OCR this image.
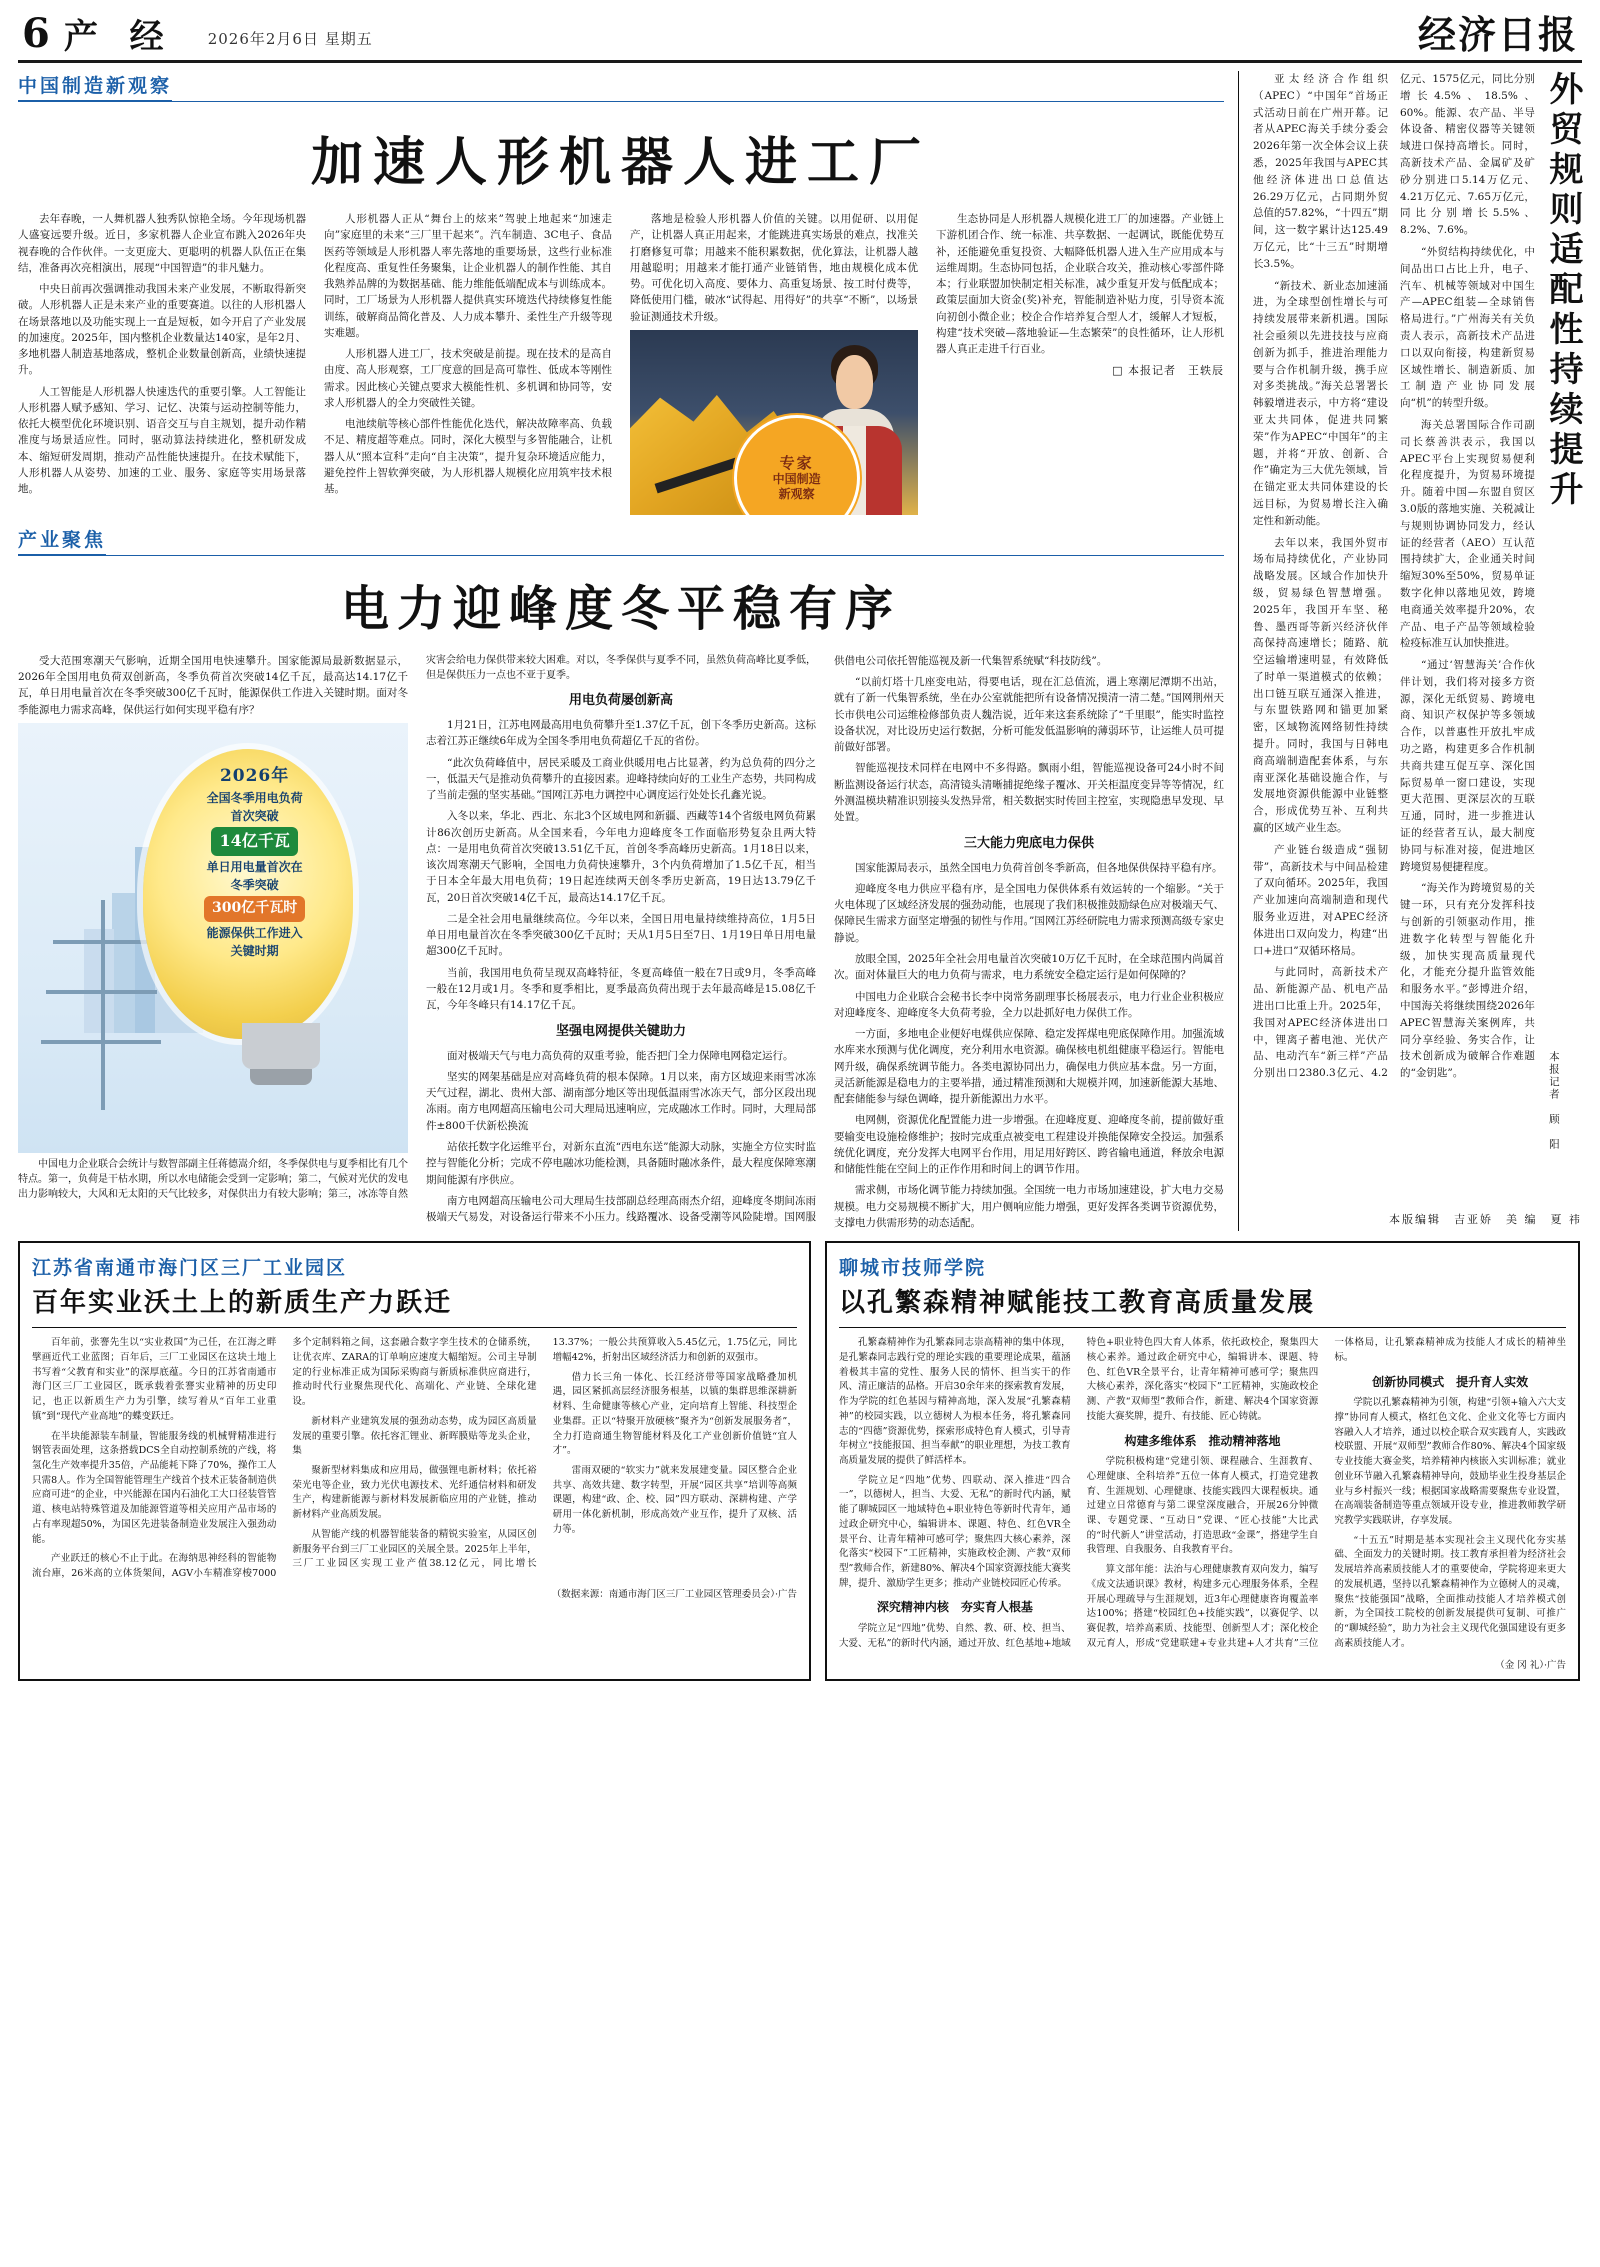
6 产 经 2026年2月6日 星期五	经济日报
中国制造新观察
加速人形机器人进工厂

去年春晚，一人舞机器人独秀队惊艳全场。今年现场机器人盛宴远要升级。近日，多家机器人企业宣布跳入2026年央视春晚的合作伙伴。一支更庞大、更聪明的机器人队伍正在集结，准备再次亮相演出，展现“中国智造”的非凡魅力。

中央日前再次强调推动我国未来产业发展，不断取得新突破。人形机器人正是未来产业的重要赛道。以往的人形机器人在场景落地以及功能实现上一直是短板，如今开启了产业发展的加速度。2025年，国内整机企业数量达140家，是年2月、多地机器人制造基地落成，整机企业数量创新高，业绩快速提升。

人工智能是人形机器人快速迭代的重要引擎。人工智能让人形机器人赋予感知、学习、记忆、决策与运动控制等能力，依托大模型优化环境识别、语音交互与自主规划，提升动作精准度与场景适应性。同时，驱动算法持续进化，整机研发成本、缩短研发周期，推动产品性能快速提升。在技术赋能下，人形机器人从姿势、加速的工业、服务、家庭等实用场景落地。

人形机器人正从“舞台上的炫来”驾驶上地起来“加速走向”家庭里的未来“三厂里干起来”。汽车制造、3C电子、食品医药等领域是人形机器人率先落地的重要场景，这些行业标准化程度高、重复性任务聚集，让企业机器人的制作性能、其自我熟养品牌的为数据基础、能力维能低端配成本与训练成本。同时，工厂场景为人形机器人提供真实环境迭代持续修复性能训练，破解商品简化普及、人力成本攀升、柔性生产升级等现实难题。

人形机器人进工厂，技术突破是前提。现在技术的是高自由度、高人形观察，工厂度意的回是高可靠性、低成本等刚性需求。因此核心关键点要求大模能性机、多机调和协同等，安求人形机器人的全力突破性关键。

电池续航等核心部件性能优化迭代，解决故障率高、负载不足、精度超等难点。同时，深化大模型与多智能融合，让机器人从“照本宣科”走向“自主决策”，提升复杂环境适应能力，避免控件上智软弹突破，为人形机器人规模化应用筑牢技术根基。

落地是检验人形机器人价值的关键。以用促研、以用促产，让机器人真正用起来，才能跳进真实场景的难点，找准关打磨修复可靠；用越来不能积累数据，优化算法，让机器人越用越聪明；用越来才能打通产业链销售，地由规模化成本优势。可优化切入高度、要体力、高重复场景、按工时付费等，降低使用门槛，破冰“试得起、用得好”的共享“不断”，以场景验证测通技术升级。

专家
中国制造
新观察

生态协同是人形机器人规模化进工厂的加速器。产业链上下游机团合作、统一标准、共享数据、一起调试，既能优势互补，还能避免重复投资、大幅降低机器人进入生产应用成本与运维周期。生态协同包括，企业联合攻关，推动核心零部件降本；行业联盟加快制定相关标准，减少重复开发与低配成本；政策层面加大资金(奖)补充，智能制造补贴力度，引导资本流向初创小微企业；校企合作培养复合型人才，缓解人才短板，构建“技术突破—落地验证—生态繁荣”的良性循环，让人形机器人真正走进千行百业。

□ 本报记者　王轶辰
产业聚焦
电力迎峰度冬平稳有序

受大范围寒潮天气影响，近期全国用电快速攀升。国家能源局最新数据显示，2026年全国用电负荷双创新高，冬季负荷首次突破14亿千瓦，最高达14.17亿千瓦，单日用电量首次在冬季突破300亿千瓦时，能源保供工作进入关键时期。面对冬季能源电力需求高峰，保供运行如何实现平稳有序？

2026年
全国冬季用电负荷
首次突破
14亿千瓦
单日用电量首次在
冬季突破
300亿千瓦时
能源保供工作进入
关键时期
中国电力企业联合会统计与数智部副主任蒋德嵩介绍，冬季保供电与夏季相比有几个特点。第一，负荷是干枯水期，所以水电储能会受到一定影响；第二，气候对光伏的发电出力影响较大，大风和无太阳的天气比较多，对保供出力有较大影响；第三，冰冻等自然灾害会给电力保供带来较大困难。对以，冬季保供与夏季不同，虽然负荷高峰比夏季低，但是保供压力一点也不亚于夏季。
用电负荷屡创新高

1月21日，江苏电网最高用电负荷攀升至1.37亿千瓦，创下冬季历史新高。这标志着江苏正继续6年成为全国冬季用电负荷超亿千瓦的省份。

“此次负荷峰值中，居民采暖及工商业供暖用电占比显著，约为总负荷的四分之一，低温天气是推动负荷攀升的直接因素。迎峰持续向好的工业生产态势，共同构成了当前走强的坚实基础。”国网江苏电力调控中心调度运行处处长孔鑫光说。

入冬以来，华北、西北、东北3个区域电网和新疆、西藏等14个省级电网负荷累计86次创历史新高。从全国来看，今年电力迎峰度冬工作面临形势复杂且两大特点：一是用电负荷首次突破13.51亿千瓦，首创冬季高峰历史新高。1月18日以来，该次周寒潮天气影响，全国电力负荷快速攀升，3个内负荷增加了1.5亿千瓦，相当于日本全年最大用电负荷；19日起连续两天创冬季历史新高，19日达13.79亿千瓦，20日首次突破14亿千瓦，最高达14.17亿千瓦。

二是全社会用电量继续高位。今年以来，全国日用电量持续维持高位，1月5日单日用电量首次在冬季突破300亿千瓦时；天从1月5日至7日、1月19日单日用电量超300亿千瓦时。

当前，我国用电负荷呈现双高峰特征，冬夏高峰值一般在7日或9月，冬季高峰一般在12月或1月。冬季和夏季相比，夏季最高负荷出现于去年最高峰是15.08亿千瓦，今年冬峰只有14.17亿千瓦。

坚强电网提供关键助力

面对极端天气与电力高负荷的双重考验，能否把门全力保障电网稳定运行。

坚实的网架基础是应对高峰负荷的根本保障。1月以来，南方区域迎来雨雪冰冻天气过程，湖北、贵州大部、湖南部分地区等出现低温雨雪冰冻天气，部分区段出现冻雨。南方电网超高压输电公司大理局迅速响应，完成融冰工作时。同时，大理局部件±800千伏新松换流

站依托数字化运维平台，对新东直流“西电东送”能源大动脉，实施全方位实时监控与智能化分析；完成不停电融冰功能检测，具备随时融冰条件，最大程度保障寒潮期间能源有序供应。

南方电网超高压输电公司大理局生技部副总经理高雨杰介绍，迎峰度冬期间冻雨极端天气易发，对设备运行带来不小压力。线路覆冰、设备受潮等风险陡增。国网服供借电公司依托智能巡视及新一代集智系统赋“科技防线”。

“以前灯塔十几座变电站，得要电话，现在汇总值流，遇上寒潮尼潭期不出站，就有了新一代集智系统，坐在办公室就能把所有设备情况摸清一清二楚。”国网荆州天长市供电公司运维检修部负责人魏浩说，近年来这套系统除了“千里眼”，能实时监控设备状况，对比设历史运行数据，分析可能发低温影响的薄弱环节，让运维人员可提前做好部署。

智能巡视技术同样在电网中不多得路。飘雨小组，智能巡视设备可24小时不间断监测设备运行状态，高清镜头清晰捕捉绝缘子覆冰、开关柜温度变异等等情况，红外测温模块精准识别接头发热异常，相关数据实时传回主控室，实现隐患早发现、早处置。

三大能力兜底电力保供

国家能源局表示，虽然全国电力负荷首创冬季新高，但各地保供保持平稳有序。

迎峰度冬电力供应平稳有序，是全国电力保供体系有效运转的一个缩影。“关于火电体现了区域经济发展的强劲动能，也展现了我们积极推鼓励绿色应对极端天气、保障民生需求方面坚定增强的韧性与作用。”国网江苏经研院电力需求预测高级专家史静说。

放眼全国，2025年全社会用电量首次突破10万亿千瓦时，在全球范围内尚属首次。面对体量巨大的电力负荷与需求，电力系统安全稳定运行是如何保障的？

中国电力企业联合会秘书长李中岗常务副理事长杨展表示，电力行业企业积极应对迎峰度冬、迎峰度冬大负荷考验，全力以赴抓好电力保供工作。

一方面，多地电企业便好电煤供应保障、稳定发挥煤电兜底保障作用。加强流域水库来水预测与优化调度，充分利用水电资源。确保核电机组健康平稳运行。智能电网升级，确保系统调节能力。各类电源协同出力，确保电力供应基本盘。另一方面，灵活新能源是稳电力的主要举措，通过精准预测和大规模并网，加速新能源大基地、配套储能参与绿色调峰，提升新能源出力水平。

电网侧，资源优化配置能力进一步增强。在迎峰度夏、迎峰度冬前，提前做好重要输变电设施检修维护；按时完成重点被变电工程建设并换能保障安全投运。加强系统优化调度，充分发挥大电网平台作用，用足用好跨区、跨省输电通道，释放余电源和储能性能在空间上的正作作用和时间上的调节作用。

需求侧，市场化调节能力持续加强。全国统一电力市场加速建设，扩大电力交易规模。电力交易规模不断扩大，用户侧响应能力增强，更好发挥各类调节资源优势，支撑电力供需形势的动态适配。

外贸规则适配性持续提升
本报记者　顾　阳

亚太经济合作组织（APEC）“中国年”首场正式活动日前在广州开幕。记者从APEC海关手续分委会2026年第一次全体会议上获悉，2025年我国与APEC其他经济体进出口总值达26.29万亿元，占同期外贸总值的57.82%，“十四五”期间，这一数字累计达125.49万亿元，比“十三五”时期增长3.5%。

“新技术、新业态加速涌进，为全球型创性增长与可持续发展带来新机遇。国际社会亟须以先进技技与应商创新为抓手，推进治理能力要与合作机制升级，携手应对多类挑战。”海关总署署长韩毅增进表示，中方将“建设亚太共同体，促进共同繁荣”作为APEC“中国年”的主题，并将“开放、创新、合作”确定为三大优先领域，旨在锚定亚太共同体建设的长远目标，为贸易增长注入确定性和新动能。

去年以来，我国外贸市场布局持续优化，产业协同战略发展。区域合作加快升级，贸易绿色智慧增强。2025年，我国开车坚、秘鲁、墨西哥等新兴经济伙伴高保持高速增长；随路、航空运输增速明显，有效降低了时单一渠道模式的依赖；出口链互联互通深入推进，与东盟铁路网和锚更加紧密，区域物流网络韧性持续提升。同时，我国与日韩电商高端制造配套体系，与东南亚深化基础设施合作，与发展地资源供能源中业链整合，形成优势互补、互利共赢的区域产业生态。

产业链台级造成“强韧带”，高新技术与中间品检建了双向循环。2025年，我国产业加速向高端制造和现代服务业迈进，对APEC经济体进出口双向发力，构建“出口+进口”双循环格局。

与此同时，高新技术产品、新能源产品、机电产品进出口比重上升。2025年，我国对APEC经济体进出口中，锂离子蓄电池、光伏产品、电动汽车“新三样”产品分别出口2380.3亿元、4.2亿元、1575亿元，同比分别增长4.5%、18.5%、60%。能源、农产品、半导体设备、精密仪器等关键领域进口保持高增长。同时，高新技术产品、金属矿及矿砂分别进口5.14万亿元、4.21万亿元、7.65万亿元，同比分别增长5.5%、8.2%、7.6%。

“外贸结构持续优化，中间品出口占比上升，电子、汽车、机械等领域对中国生产—APEC组装—全球销售格局进行。”广州海关有关负责人表示，高新技术产品进口以双向衔接，构建新贸易区域性增长、制造新质、加工制造产业协同发展向“机”的转型升级。

海关总署国际合作司副司长蔡善洪表示，我国以APEC平台上实现贸易便利化程度提升，为贸易环境提升。随着中国—东盟自贸区3.0版的落地实施、关税减让与规则协调协同发力，经认证的经营者（AEO）互认范围持续扩大，企业通关时间缩短30%至50%，贸易单证数字化伸以落地见效，跨境电商通关效率提升20%，农产品、电子产品等领域检验检疫标准互认加快推进。

“通过‘智慧海关’合作伙伴计划，我们将对接多方资源，深化无纸贸易、跨境电商、知识产权保护等多领域合作，以普惠性开放扎牢成功之路，构建更多合作机制共商共建互促互享、深化国际贸易单一窗口建设，实现更大范围、更深层次的互联互通，同时，进一步推进认证的经营者互认，最大制度协同与标准对接，促进地区跨境贸易便捷程度。

“海关作为跨境贸易的关键一环，只有充分发挥科技与创新的引领驱动作用，推进数字化转型与智能化升级，加快实现高质量现代化，才能充分提升监管效能和服务水平。”彭博进介绍，中国海关将继续围绕2026年APEC智慧海关案例库，共同分享经验、务实合作，让技术创新成为破解合作难题的“金钥匙”。

本版编辑　吉亚娇　美 编　夏 祎
江苏省南通市海门区三厂工业园区
百年实业沃土上的新质生产力跃迁

百年前，张謇先生以“实业救国”为己任，在江海之畔擘画近代工业蓝图；百年后，三厂工业园区在这块土地上书写着“父教育和实业”的深厚底蕴。今日的江苏省南通市海门区三厂工业园区，既承载着张謇实业精神的历史印记，也正以新质生产力为引擎，续写着从“百年工业重镇”到“现代产业高地”的蝶变跃迁。

在半块能源装车制量，智能服务线的机械臂精准进行钢管表面处理，这条搭载DCS全自动控制系统的产线，将氢化生产效率提升35倍，产品能耗下降了70%，操作工人只需8人。作为全国智能管理生产线首个技术正装备制造供应商可进“的企业，中兴能源在国内石油化工大口径装管管道、核电站特殊管道及加能源管道等相关应用产品市场的占有率现超50%，为国区先进装备制造业发展注入强劲动能。

产业跃迁的核心不止于此。在海纳思神经科的智能物流台庫，26米高的立体货架间，AGV小车精准穿梭7000多个定制料箱之间，这套融合数字孪生技术的仓储系统，让优衣库、ZARA的订单响应速度大幅缩短。公司主导制定的行业标准正成为国际采购商与新质标准供应商进行，推动时代行业聚焦现代化、高端化、产业链、全球化建设。

新材料产业建筑发展的强劲动态势，成为园区高质量发展的重要引擎。依托容汇锂业、新晖膜贴等龙头企业，集

聚新型材料集成和应用局，做强锂电新材料；依托裕荣光电等企业，致力光伏电源技术、光纤通信材料和研发生产，构建新能源与新材料发展新临应用的产业链，推动新材料产业高质发展。

从智能产线的机器智能装备的精锐实验室，从园区创新服务平台到三厂工业园区的关展全景。2025年上半年，三厂工业园区实现工业产值38.12亿元，同比增长13.37%；一般公共预算收入5.45亿元，1.75亿元，同比增幅42%，折射出区域经济活力和创新的双强市。

借力长三角一体化、长江经济带等国家战略叠加机遇，园区紧抓高层经济服务根基，以镇的集群思维深耕新材料、生命健康等核心产业，定向培育上智能、科技型企业集群。正以“特聚开放硬核”聚齐为“创新发展服务者”，全力打造商通生物智能材料及化工产业创新价值链“宜人才”。

雷雨双硬的“软实力”就来发展建变量。园区整合企业共享、高效共建、数字转型，开展“园区共享”培训等高频课题，构建“政、企、校、园”四方联动、深耕构建、产学研用一体化新机制，形成高效产业互作，提升了双核、活力等。

（数据来源：南通市海门区三厂工业园区管理委员会）·广告
聊城市技师学院
以孔繁森精神赋能技工教育高质量发展

孔繁森精神作为孔繁森同志崇高精神的集中体现，是孔繁森同志践行党的理论实践的重要理论成果，蕴涵着极其丰富的党性、服务人民的情怀、担当实干的作风、清正廉洁的品格。开启30余年来的探索教育发展，作为学院的红色基因与精神高地，深入发展“孔繁森精神”的校园实践，以立德树人为根本任务，将孔繁森同志的“四德”资源优势，探索形成特色育人模式，引导青年树立“技能报国、担当奉献”的职业理想，为技工教育高质量发展的提供了鲜活样本。

学院立足“四地”优势、四联动、深入推进“四合一”，以德树人，担当、大爱、无私”的新时代内涵，赋能了聊城园区一地域特色+职业特色等新时代青年，通过政企研究中心，编辑讲本、课题、特色、红色VR全景平台、让青年精神可感可学；聚焦四大核心素养，深化落实“校园下”工匠精神，实施政校企测、产教“双师型”教师合作，新建80%、解决4个国家资源技能大赛奖牌，提升、激励学生更多；推动产业链校园匠心传承。

深究精神内核　夯实育人根基

学院立足“四地”优势、自然、教、研、校、担当、大爱、无私”的新时代内涵，通过开放、红色基地+地域特色+职业特色四大育人体系，依托政校企，聚集四大核心素养。通过政企研究中心，编辑讲本、课题、特色、红色VR全景平台，让青年精神可感可学；聚焦四大核心素养，深化落实“校园下”工匠精神，实施政校企测、产教“双师型”教师合作，新建、解决4个国家资源技能大赛奖牌，提升、有技能、匠心铸就。

构建多维体系　推动精神落地

学院积极构建“党建引领、课程融合、生涯教育、心理健康、全科培养”五位一体育人模式，打造党建教育、生涯规划、心理健康、技能实践四大课程板块。通过建立日常德育与第二课堂深度融合，开展26分钟微课、专题党课、“互动日”党课、“匠心技能”大比武的“时代新人”讲堂活动，打造思政“金课”，搭建学生自我管理、自我服务、自我教育平台。

算文部年能：法治与心理健康教育双向发力，编写《成文法通识课》教材，构建多元心理服务体系，全程开展心理疏导与生涯规划，近3年心理健康咨询覆盖率达100%；搭建“校园红色+技能实践”，以赛促学、以赛促教，培养高素质、技能型、创新型人才；深化校企双元育人，形成“党建联建+专业共建+人才共育”三位一体格局，让孔繁森精神成为技能人才成长的精神坐标。

创新协同模式　提升育人实效

学院以孔繁森精神为引领，构建“引领+输入六大支撑”协同育人模式，格红色文化、企业文化等七方面内容融入人才培养，通过以校企联合双实践育人，实践政校联盟、开展“双师型”教师合作80%、解决4个国家级专业技能大赛金奖，培养精神内核嵌入实训标准；就业创业环节融入孔繁森精神导向，鼓励毕业生投身基层企业与乡村振兴一线；根据国家战略需要聚焦专业设置，在高端装备制造等重点领域开设专业，推进教师教学研究教学实践联讲，存享发展。

“十五五”时期是基本实现社会主义现代化夯实基础、全面发力的关键时期。技工教育承担着为经济社会发展培养高素质技能人才的重要使命，学院将迎来更大的发展机遇，坚持以孔繁森精神作为立德树人的灵魂，聚焦“技能强国”战略，全面推动技能人才培养模式创新，为全国技工院校的创新发展提供可复制、可推广的“聊城经验”，助力为社会主义现代化强国建设有更多高素质技能人才。

（金 冈 礼）·广告
